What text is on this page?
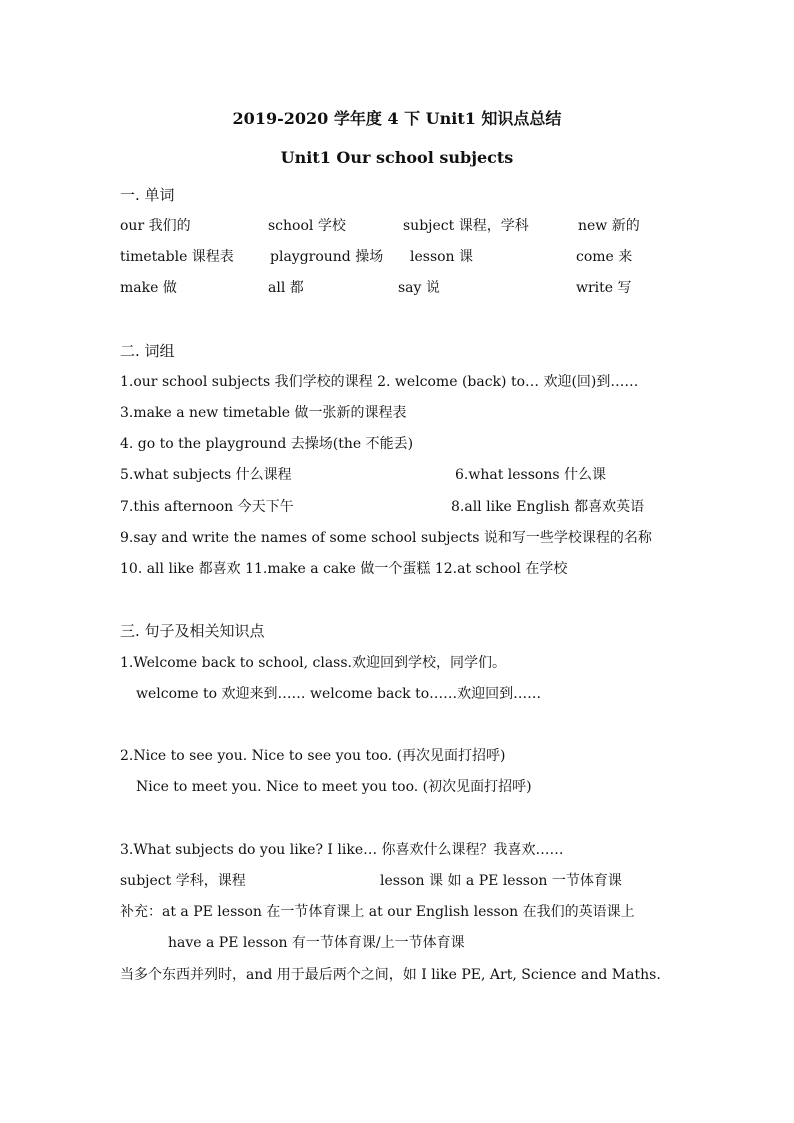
2019-2020 学年度 4 下 Unit1 知识点总结
Unit1 Our school subjects
一. 单词
our 我们的	school 学校	subject 课程，学科	new 新的
timetable 课程表	playground 操场 lesson 课	come 来
make 做	all 都	say 说	write 写
二. 词组
1.our school subjects 我们学校的课程 2. welcome (back) to… 欢迎(回)到……
3.make a new timetable 做一张新的课程表
4. go to the playground 去操场(the 不能丢)
5.what subjects 什么课程	6.what lessons 什么课
7.this afternoon 今天下午	8.all like English 都喜欢英语
9.say and write the names of some school subjects 说和写一些学校课程的名称
10. all like 都喜欢 11.make a cake 做一个蛋糕 12.at school 在学校
三. 句子及相关知识点
1.Welcome back to school, class.欢迎回到学校，同学们。
welcome to 欢迎来到…… welcome back to……欢迎回到……
2.Nice to see you. Nice to see you too. (再次见面打招呼)
Nice to meet you. Nice to meet you too. (初次见面打招呼)
3.What subjects do you like? I like… 你喜欢什么课程？我喜欢……
subject 学科，课程	lesson 课 如 a PE lesson 一节体育课
补充：at a PE lesson 在一节体育课上 at our English lesson 在我们的英语课上
have a PE lesson 有一节体育课/上一节体育课
当多个东西并列时，and 用于最后两个之间，如 I like PE, Art, Science and Maths.
